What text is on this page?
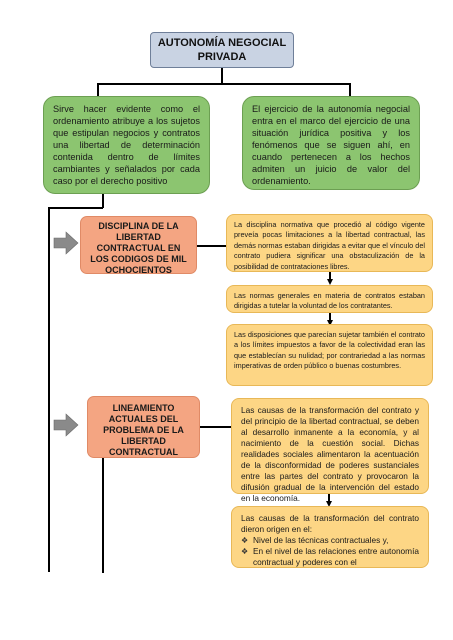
AUTONOMÍA NEGOCIAL PRIVADA
Sirve hacer evidente como el ordenamiento atribuye a los sujetos que estipulan negocios y contratos una libertad de determinación contenida dentro de límites cambiantes y señalados por cada caso por el derecho positivo
El ejercicio de la autonomía negocial entra en el marco del ejercicio de una situación jurídica positiva y los fenómenos que se siguen ahí, en cuando pertenecen a los hechos admiten un juicio de valor del ordenamiento.
DISCIPLINA DE LA LIBERTAD CONTRACTUAL EN LOS CODIGOS DE MIL OCHOCIENTOS
La disciplina normativa que procedió al código vigente preveía pocas limitaciones a la libertad contractual, las demás normas estaban dirigidas a evitar que el vínculo del contrato pudiera significar una obstaculización de la posibilidad de contrataciones libres.
Las normas generales en materia de contratos estaban dirigidas a tutelar la voluntad de los contratantes.
Las disposiciones que parecían sujetar también el contrato a los límites impuestos a favor de la colectividad eran las que establecían su nulidad; por contrariedad a las normas imperativas de orden público o buenas costumbres.
LINEAMIENTO ACTUALES DEL PROBLEMA DE LA LIBERTAD CONTRACTUAL
Las causas de la transformación del contrato y del principio de la libertad contractual, se deben al desarrollo inmanente a la economía, y al nacimiento de la cuestión social. Dichas realidades sociales alimentaron la acentuación de la disconformidad de poderes sustanciales entre las partes del contrato y provocaron la difusión gradual de la intervención del estado en la economía.
Las causas de la transformación del contrato dieron origen en el:
❖ Nivel de las técnicas contractuales y,
❖ En el nivel de las relaciones entre autonomía contractual y poderes con el
